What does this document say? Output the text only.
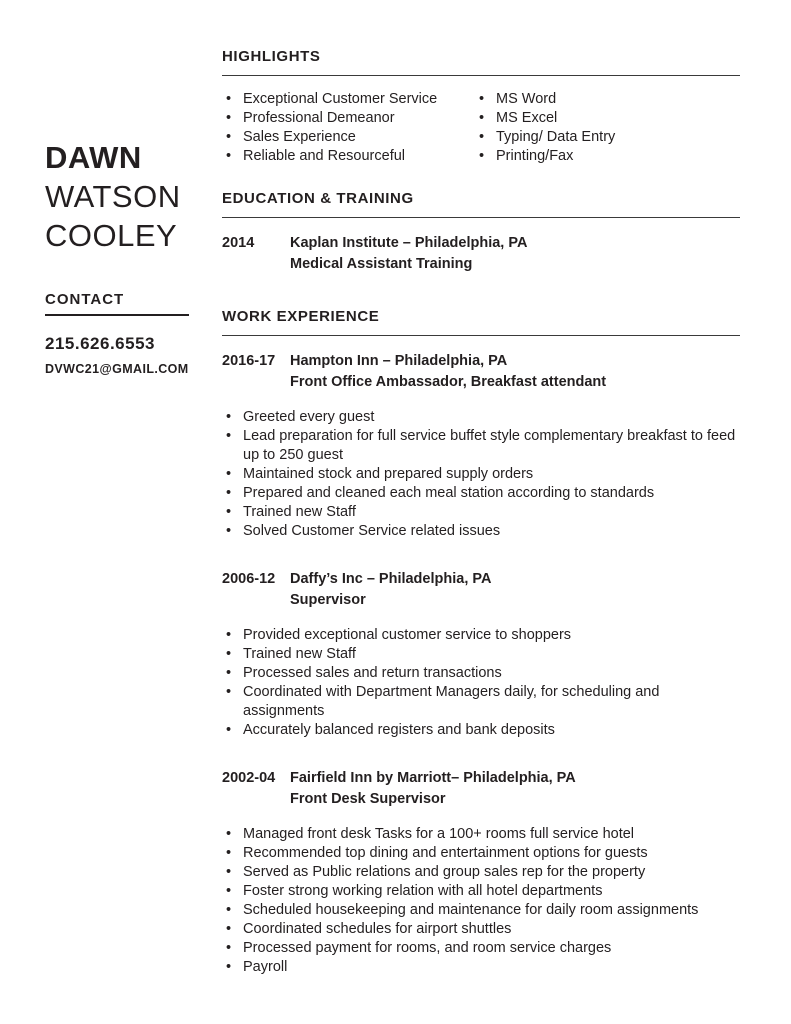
DAWN
WATSON
COOLEY
CONTACT
215.626.6553
DVWC21@GMAIL.COM
HIGHLIGHTS
• Exceptional Customer Service
• Professional Demeanor
• Sales Experience
• Reliable and Resourceful
• MS Word
• MS Excel
• Typing/ Data Entry
• Printing/Fax
EDUCATION & TRAINING
2014	Kaplan Institute – Philadelphia, PA
Medical Assistant Training
WORK EXPERIENCE
2016-17	Hampton Inn – Philadelphia, PA
Front Office Ambassador, Breakfast attendant
• Greeted every guest
• Lead preparation for full service buffet style complementary breakfast to feed up to 250 guest
• Maintained stock and prepared supply orders
• Prepared and cleaned each meal station according to standards
• Trained new Staff
• Solved Customer Service related issues
2006-12	Daffy’s Inc – Philadelphia, PA
Supervisor
• Provided exceptional customer service to shoppers
• Trained new Staff
• Processed sales and return transactions
• Coordinated with Department Managers daily, for scheduling and assignments
• Accurately balanced registers and bank deposits
2002-04	Fairfield Inn by Marriott– Philadelphia, PA
Front Desk Supervisor
• Managed front desk Tasks for a 100+ rooms full service hotel
• Recommended top dining and entertainment options for guests
• Served as Public relations and group sales rep for the property
• Foster strong working relation with all hotel departments
• Scheduled housekeeping and maintenance for daily room assignments
• Coordinated schedules for airport shuttles
• Processed payment for rooms, and room service charges
• Payroll
